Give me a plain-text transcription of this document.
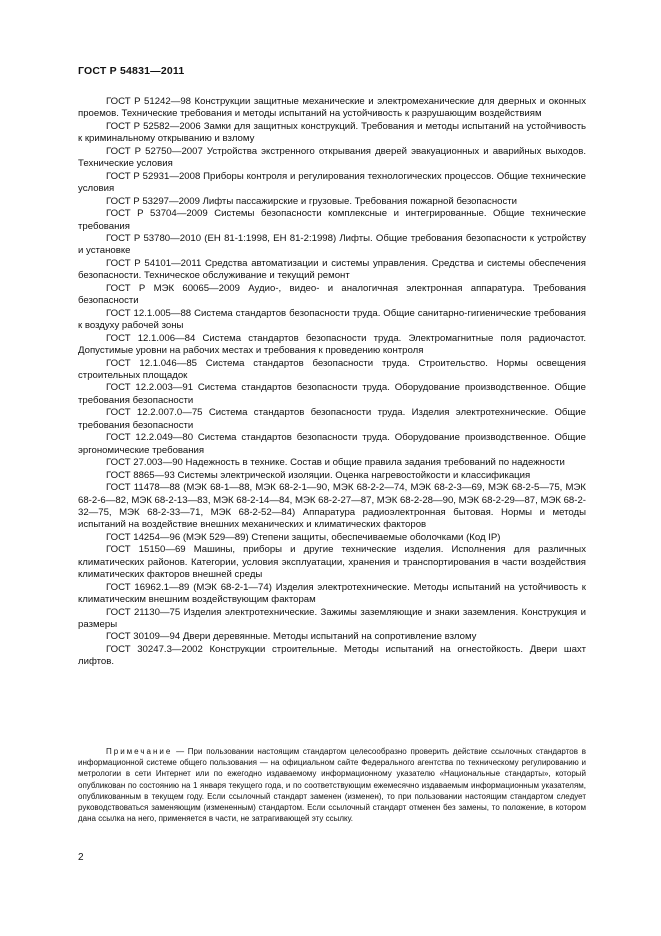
ГОСТ Р 54831—2011

ГОСТ Р 51242—98 Конструкции защитные механические и электромеханические для дверных и оконных проемов. Технические требования и методы испытаний на устойчивость к разрушающим воздействиям

ГОСТ Р 52582—2006 Замки для защитных конструкций. Требования и методы испытаний на устойчивость к криминальному открыванию и взлому

ГОСТ Р 52750—2007 Устройства экстренного открывания дверей эвакуационных и аварийных выходов. Технические условия

ГОСТ Р 52931—2008 Приборы контроля и регулирования технологических процессов. Общие технические условия

ГОСТ Р 53297—2009 Лифты пассажирские и грузовые. Требования пожарной безопасности

ГОСТ Р 53704—2009 Системы безопасности комплексные и интегрированные. Общие технические требования

ГОСТ Р 53780—2010 (ЕН 81-1:1998, ЕН 81-2:1998) Лифты. Общие требования безопасности к устройству и установке

ГОСТ Р 54101—2011 Средства автоматизации и системы управления. Средства и системы обеспечения безопасности. Техническое обслуживание и текущий ремонт

ГОСТ Р МЭК 60065—2009 Аудио-, видео- и аналогичная электронная аппаратура. Требования безопасности

ГОСТ 12.1.005—88 Система стандартов безопасности труда. Общие санитарно-гигиенические требования к воздуху рабочей зоны

ГОСТ 12.1.006—84 Система стандартов безопасности труда. Электромагнитные поля радиочастот. Допустимые уровни на рабочих местах и требования к проведению контроля

ГОСТ 12.1.046—85 Система стандартов безопасности труда. Строительство. Нормы освещения строительных площадок

ГОСТ 12.2.003—91 Система стандартов безопасности труда. Оборудование производственное. Общие требования безопасности

ГОСТ 12.2.007.0—75 Система стандартов безопасности труда. Изделия электротехнические. Общие требования безопасности

ГОСТ 12.2.049—80 Система стандартов безопасности труда. Оборудование производственное. Общие эргономические требования

ГОСТ 27.003—90 Надежность в технике. Состав и общие правила задания требований по надежности

ГОСТ 8865—93 Системы электрической изоляции. Оценка нагревостойкости и классификация

ГОСТ 11478—88 (МЭК 68-1—88, МЭК 68-2-1—90, МЭК 68-2-2—74, МЭК 68-2-3—69, МЭК 68-2-5—75, МЭК 68-2-6—82, МЭК 68-2-13—83, МЭК 68-2-14—84, МЭК 68-2-27—87, МЭК 68-2-28—90, МЭК 68-2-29—87, МЭК 68-2-32—75, МЭК 68-2-33—71, МЭК 68-2-52—84) Аппаратура радиоэлектронная бытовая. Нормы и методы испытаний на воздействие внешних механических и климатических факторов

ГОСТ 14254—96 (МЭК 529—89) Степени защиты, обеспечиваемые оболочками (Код IP)

ГОСТ 15150—69 Машины, приборы и другие технические изделия. Исполнения для различных климатических районов. Категории, условия эксплуатации, хранения и транспортирования в части воздействия климатических факторов внешней среды

ГОСТ 16962.1—89 (МЭК 68-2-1—74) Изделия электротехнические. Методы испытаний на устойчивость к климатическим внешним воздействующим факторам

ГОСТ 21130—75 Изделия электротехнические. Зажимы заземляющие и знаки заземления. Конструкция и размеры

ГОСТ 30109—94 Двери деревянные. Методы испытаний на сопротивление взлому

ГОСТ 30247.3—2002 Конструкции строительные. Методы испытаний на огнестойкость. Двери шахт лифтов.

Примечание — При пользовании настоящим стандартом целесообразно проверить действие ссылочных стандартов в информационной системе общего пользования — на официальном сайте Федерального агентства по техническому регулированию и метрологии в сети Интернет или по ежегодно издаваемому информационному указателю «Национальные стандарты», который опубликован по состоянию на 1 января текущего года, и по соответствующим ежемесячно издаваемым информационным указателям, опубликованным в текущем году. Если ссылочный стандарт заменен (изменен), то при пользовании настоящим стандартом следует руководствоваться заменяющим (измененным) стандартом. Если ссылочный стандарт отменен без замены, то положение, в котором дана ссылка на него, применяется в части, не затрагивающей эту ссылку.

2
